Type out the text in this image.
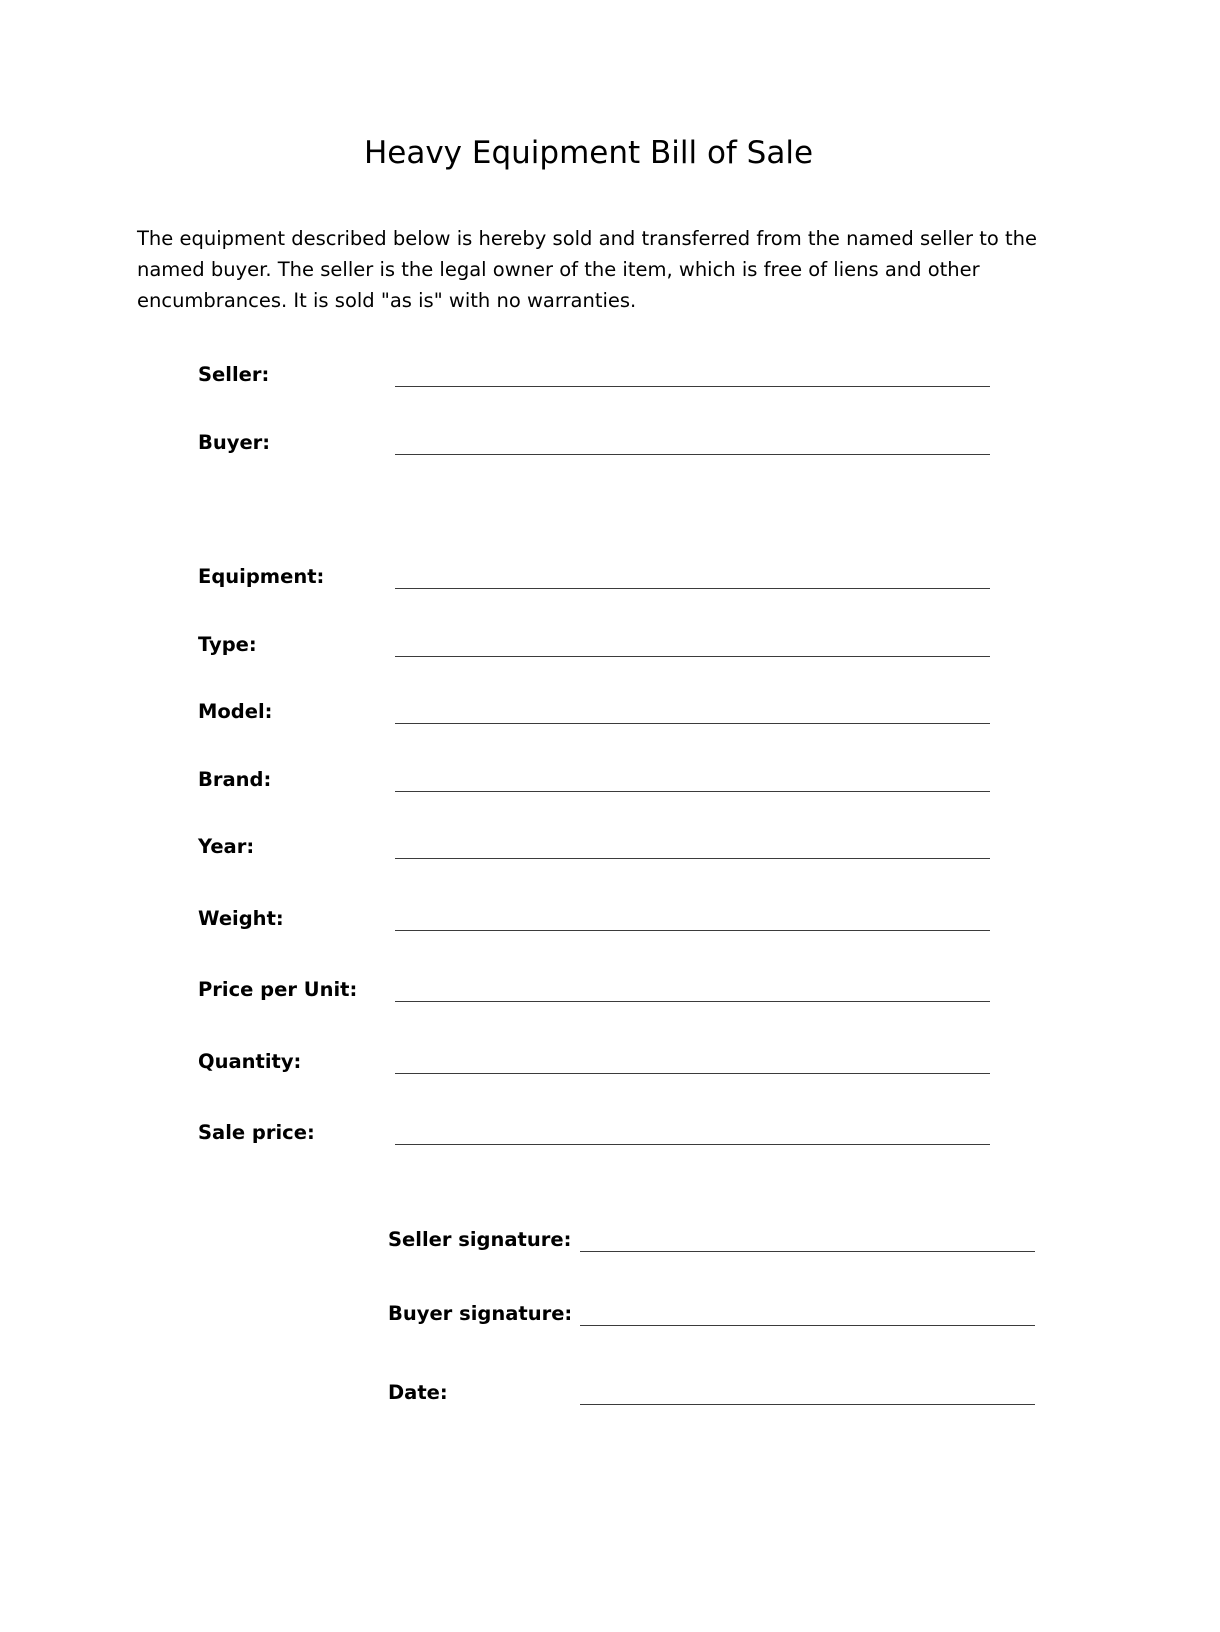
Heavy Equipment Bill of Sale

The equipment described below is hereby sold and transferred from the named seller to the named buyer. The seller is the legal owner of the item, which is free of liens and other encumbrances. It is sold "as is" with no warranties.

Seller:
Buyer:
Equipment:
Type:
Model:
Brand:
Year:
Weight:
Price per Unit:
Quantity:
Sale price:
Seller signature:
Buyer signature:
Date:
